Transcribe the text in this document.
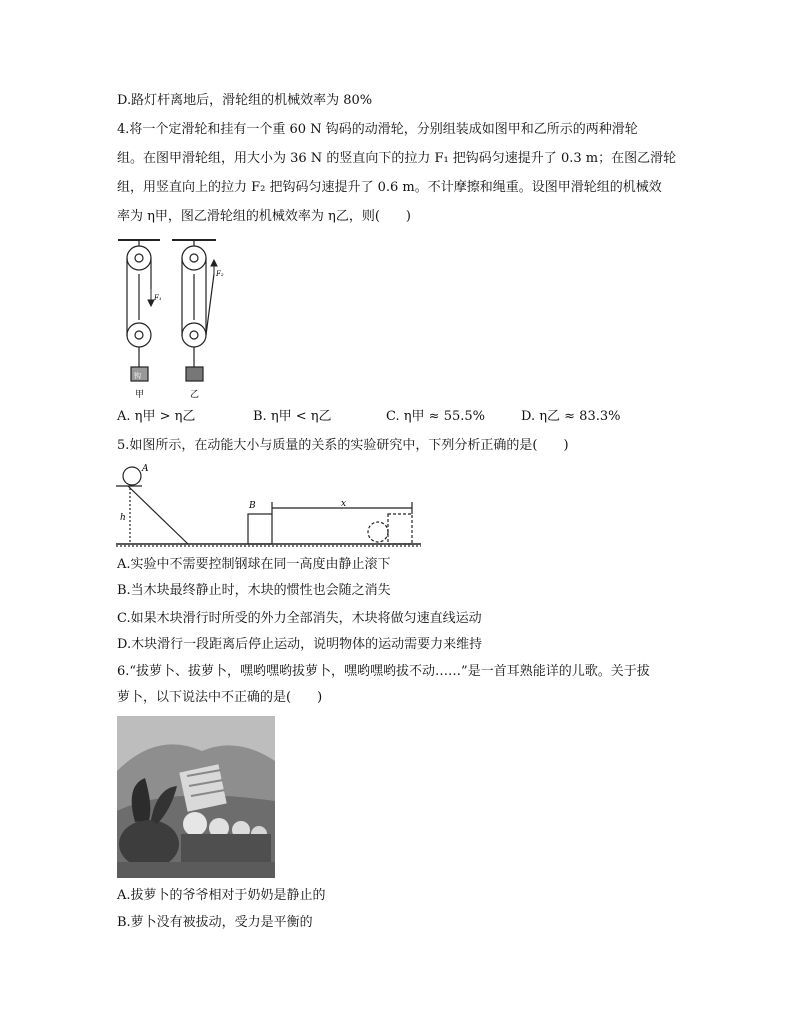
D.路灯杆离地后，滑轮组的机械效率为 80%
4.将一个定滑轮和挂有一个重 60 N 钩码的动滑轮，分别组装成如图甲和乙所示的两种滑轮
组。在图甲滑轮组，用大小为 36 N 的竖直向下的拉力 F₁ 把钩码匀速提升了 0.3 m；在图乙滑轮
组，用竖直向上的拉力 F₂ 把钩码匀速提升了 0.6 m。不计摩擦和绳重。设图甲滑轮组的机械效
率为 η甲，图乙滑轮组的机械效率为 η乙，则(　　)
F₁
F₂
钩
甲	乙
A. η甲 > η乙	B. η甲 < η乙	C. η甲 ≈ 55.5%	D. η乙 ≈ 83.3%
5.如图所示，在动能大小与质量的关系的实验研究中，下列分析正确的是(　　)
A
h
B	x
A.实验中不需要控制钢球在同一高度由静止滚下
B.当木块最终静止时，木块的惯性也会随之消失
C.如果木块滑行时所受的外力全部消失，木块将做匀速直线运动
D.木块滑行一段距离后停止运动，说明物体的运动需要力来维持
6.“拔萝卜、拔萝卜，嘿哟嘿哟拔萝卜，嘿哟嘿哟拔不动……”是一首耳熟能详的儿歌。关于拔
萝卜，以下说法中不正确的是(　　)
A.拔萝卜的爷爷相对于奶奶是静止的
B.萝卜没有被拔动，受力是平衡的
